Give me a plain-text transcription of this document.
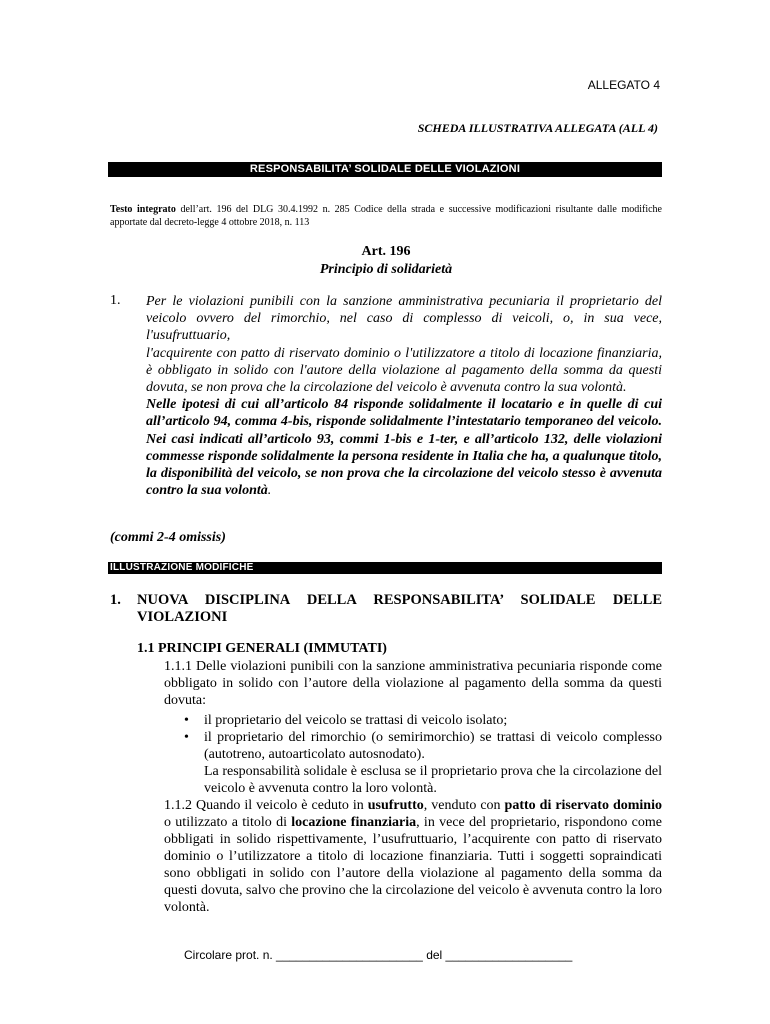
ALLEGATO 4
SCHEDA ILLUSTRATIVA ALLEGATA (ALL 4)
RESPONSABILITA’ SOLIDALE DELLE VIOLAZIONI
Testo integrato dell’art. 196 del DLG 30.4.1992 n. 285 Codice della strada e successive modificazioni risultante dalle modifiche apportate dal decreto-legge 4 ottobre 2018, n. 113
Art. 196
Principio di solidarietà
1. Per le violazioni punibili con la sanzione amministrativa pecuniaria il proprietario del veicolo ovvero del rimorchio, nel caso di complesso di veicoli, o, in sua vece, l'usufruttuario,

l'acquirente con patto di riservato dominio o l'utilizzatore a titolo di locazione finanziaria, è obbligato in solido con l'autore della violazione al pagamento della somma da questi dovuta, se non prova che la circolazione del veicolo è avvenuta contro la sua volontà.

Nelle ipotesi di cui all’articolo 84 risponde solidalmente il locatario e in quelle di cui all’articolo 94, comma 4-bis, risponde solidalmente l’intestatario temporaneo del veicolo. Nei casi indicati all’articolo 93, commi 1-bis e 1-ter, e all’articolo 132, delle violazioni commesse risponde solidalmente la persona residente in Italia che ha, a qualunque titolo, la disponibilità del veicolo, se non prova che la circolazione del veicolo stesso è avvenuta contro la sua volontà.

(commi 2-4 omissis)
ILLUSTRAZIONE MODIFICHE
1. NUOVA DISCIPLINA DELLA RESPONSABILITA’ SOLIDALE DELLE VIOLAZIONI
1.1 PRINCIPI GENERALI (IMMUTATI)

1.1.1 Delle violazioni punibili con la sanzione amministrativa pecuniaria risponde come obbligato in solido con l’autore della violazione al pagamento della somma da questi dovuta:

• il proprietario del veicolo se trattasi di veicolo isolato;
• il proprietario del rimorchio (o semirimorchio) se trattasi di veicolo complesso (autotreno, autoarticolato autosnodato).
La responsabilità solidale è esclusa se il proprietario prova che la circolazione del veicolo è avvenuta contro la loro volontà.

1.1.2 Quando il veicolo è ceduto in usufrutto, venduto con patto di riservato dominio o utilizzato a titolo di locazione finanziaria, in vece del proprietario, rispondono come obbligati in solido rispettivamente, l’usufruttuario, l’acquirente con patto di riservato dominio o l’utilizzatore a titolo di locazione finanziaria. Tutti i soggetti sopraindicati sono obbligati in solido con l’autore della violazione al pagamento della somma da questi dovuta, salvo che provino che la circolazione del veicolo è avvenuta contro la loro volontà.

Circolare prot. n. ______________________ del ___________________
